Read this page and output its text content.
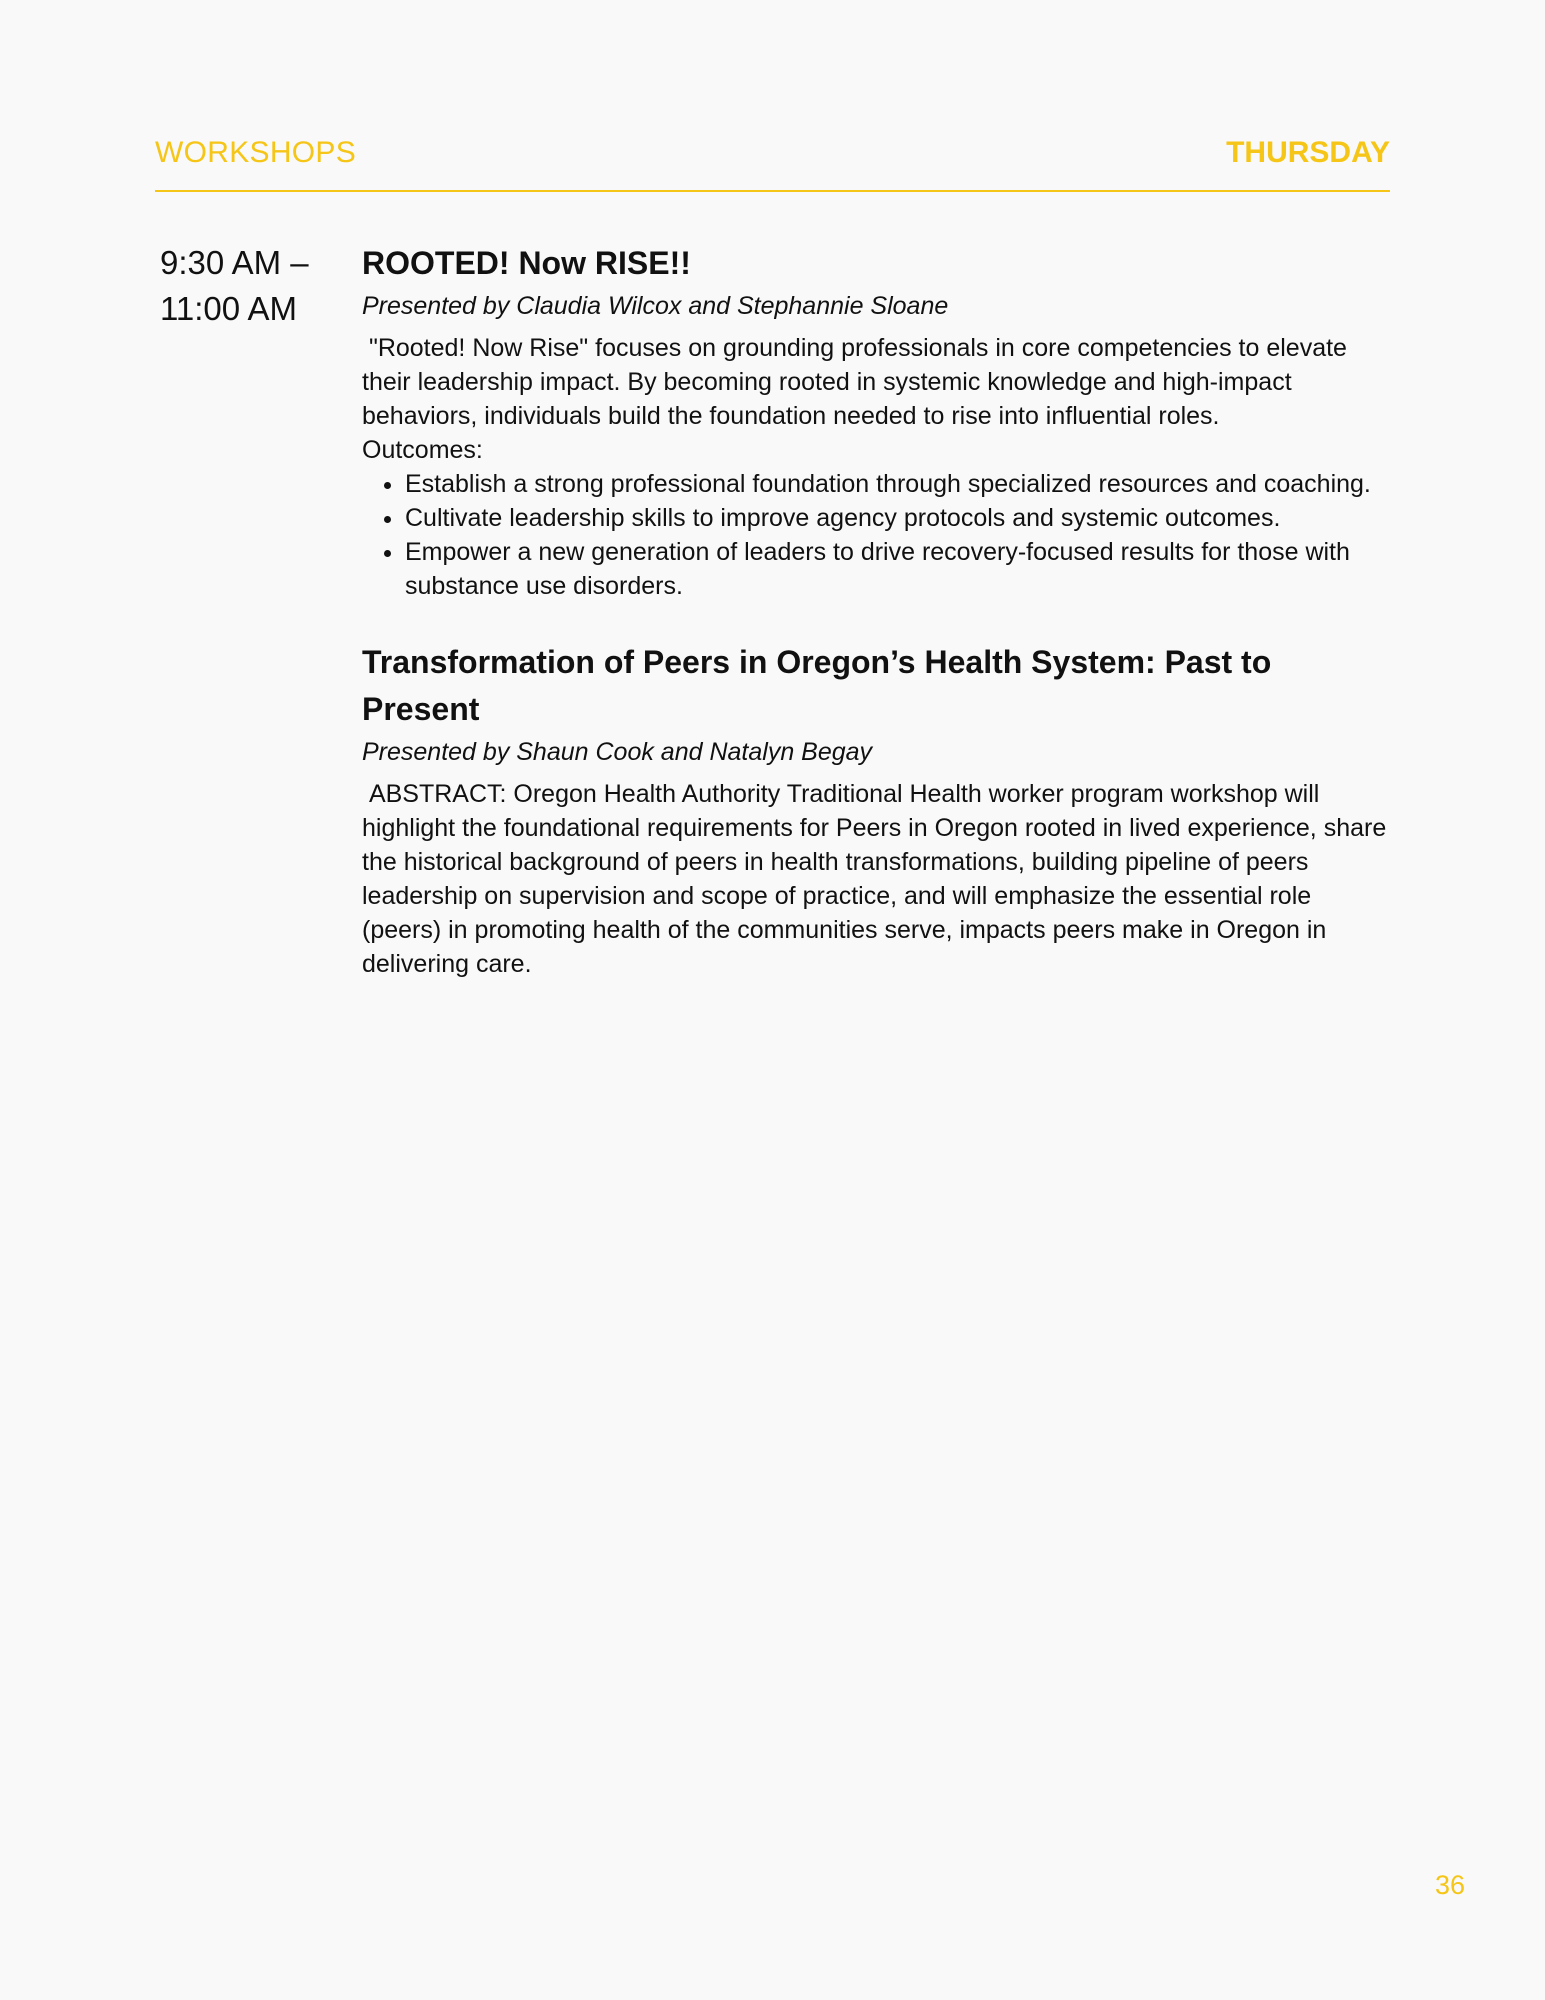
WORKSHOPS	THURSDAY
9:30 AM –
11:00 AM
ROOTED! Now RISE!!

Presented by Claudia Wilcox and Stephannie Sloane

"Rooted! Now Rise" focuses on grounding professionals in core competencies to elevate their leadership impact. By becoming rooted in systemic knowledge and high-impact behaviors, individuals build the foundation needed to rise into influential roles.

Outcomes:

• Establish a strong professional foundation through specialized resources and coaching.
• Cultivate leadership skills to improve agency protocols and systemic outcomes.
• Empower a new generation of leaders to drive recovery-focused results for those with substance use disorders.
Transformation of Peers in Oregon’s Health System: Past to Present

Presented by Shaun Cook and Natalyn Begay

ABSTRACT: Oregon Health Authority Traditional Health worker program workshop will highlight the foundational requirements for Peers in Oregon rooted in lived experience, share the historical background of peers in health transformations, building pipeline of peers leadership on supervision and scope of practice, and will emphasize the essential role (peers) in promoting health of the communities serve, impacts peers make in Oregon in delivering care.

36
